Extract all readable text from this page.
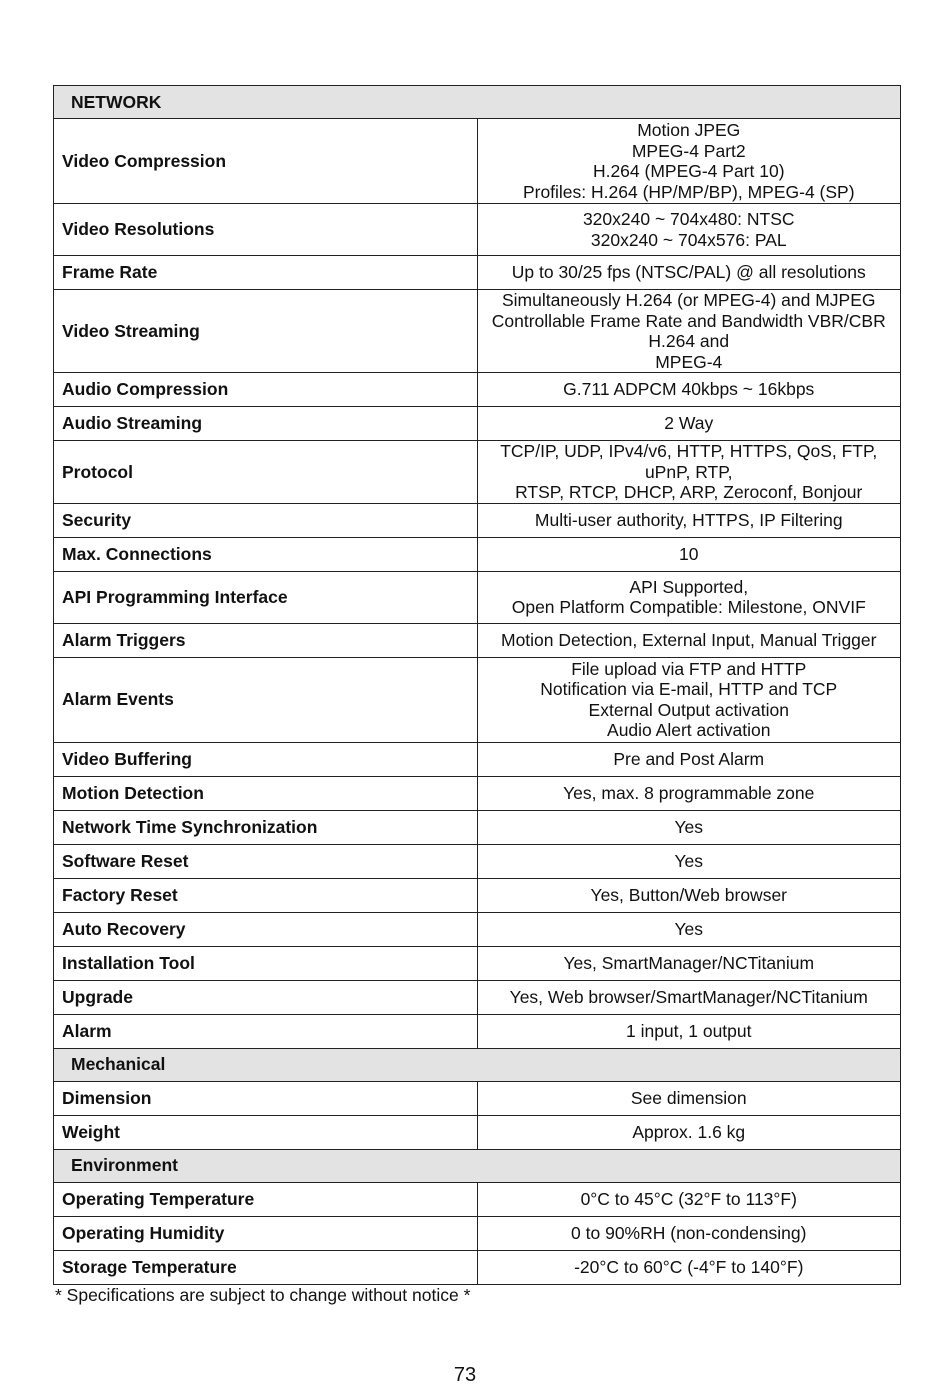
NETWORK	
Video Compression	Motion JPEG
MPEG-4 Part2
H.264 (MPEG-4 Part 10)
Profiles: H.264 (HP/MP/BP), MPEG-4 (SP)

Video Resolutions	320x240 ~ 704x480: NTSC
320x240 ~ 704x576: PAL

Frame Rate	Up to 30/25 fps (NTSC/PAL) @ all resolutions

Video Streaming	Simultaneously H.264 (or MPEG-4) and MJPEG
Controllable Frame Rate and Bandwidth VBR/CBR H.264 and
MPEG-4

Audio Compression	G.711 ADPCM 40kbps ~ 16kbps

Audio Streaming	2 Way

Protocol	TCP/IP, UDP, IPv4/v6, HTTP, HTTPS, QoS, FTP, uPnP, RTP,
RTSP, RTCP, DHCP, ARP, Zeroconf, Bonjour

Security	Multi-user authority, HTTPS, IP Filtering

Max. Connections	10

API Programming Interface	API Supported,
Open Platform Compatible: Milestone, ONVIF

Alarm Triggers	Motion Detection, External Input, Manual Trigger

Alarm Events	File upload via FTP and HTTP
Notification via E-mail, HTTP and TCP
External Output activation
Audio Alert activation

Video Buffering	Pre and Post Alarm

Motion Detection	Yes, max. 8 programmable zone

Network Time Synchronization	Yes

Software Reset	Yes

Factory Reset	Yes, Button/Web browser

Auto Recovery	Yes

Installation Tool	Yes, SmartManager/NCTitanium

Upgrade	Yes, Web browser/SmartManager/NCTitanium

Alarm	1 input, 1 output

Mechanical	
Dimension	See dimension

Weight	Approx. 1.6 kg

Environment	
Operating Temperature	0°C to 45°C (32°F to 113°F)

Operating Humidity	0 to 90%RH (non-condensing)

Storage Temperature	-20°C to 60°C (-4°F to 140°F)
* Specifications are subject to change without notice *
73
